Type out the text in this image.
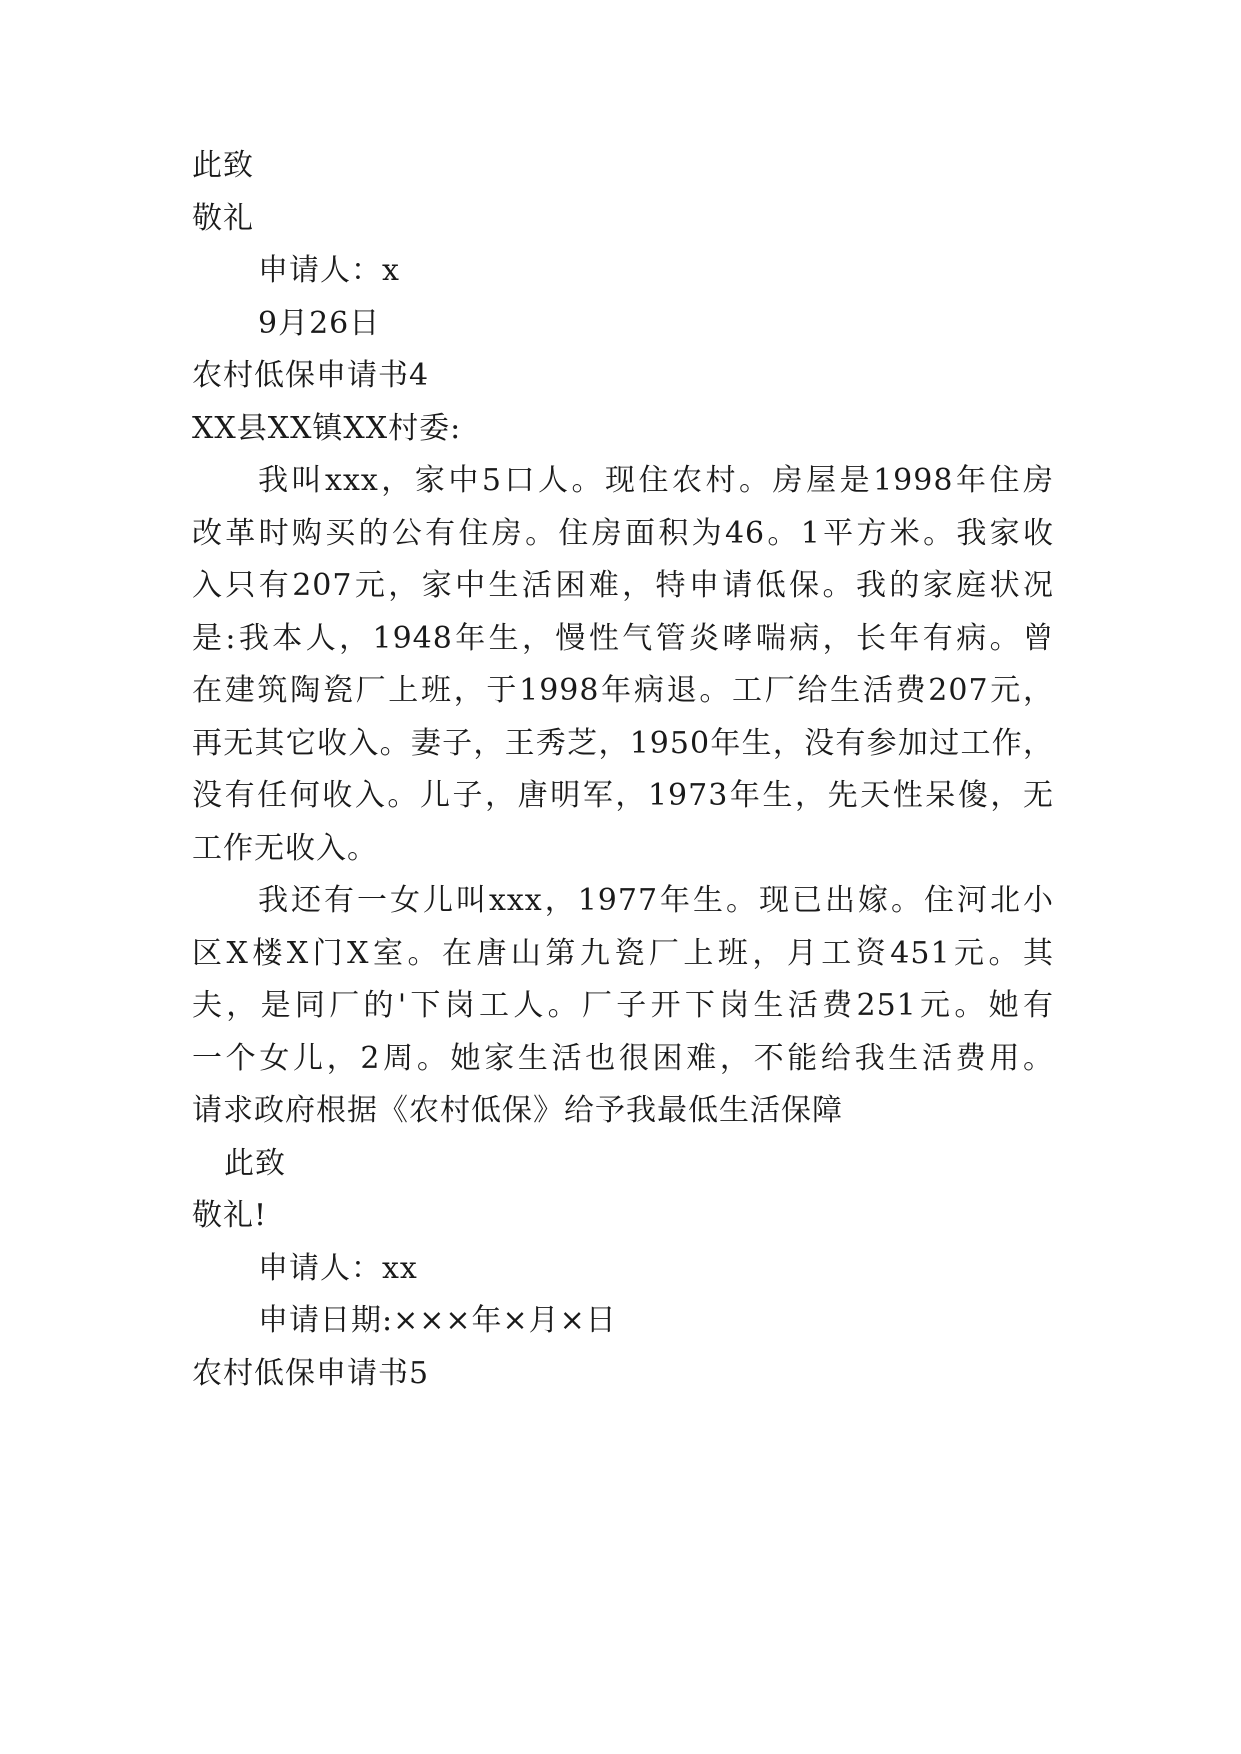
此致
敬礼
申请人：x
9月26日
农村低保申请书4
XX县XX镇XX村委:
我叫xxx，家中5口人。现住农村。房屋是1998年住房
改革时购买的公有住房。住房面积为46。1平方米。我家收
入只有207元，家中生活困难，特申请低保。我的家庭状况
是:我本人，1948年生，慢性气管炎哮喘病，长年有病。曾
在建筑陶瓷厂上班，于1998年病退。工厂给生活费207元，
再无其它收入。妻子，王秀芝，1950年生，没有参加过工作，
没有任何收入。儿子，唐明军，1973年生，先天性呆傻，无
工作无收入。
我还有一女儿叫xxx，1977年生。现已出嫁。住河北小
区X楼X门X室。在唐山第九瓷厂上班，月工资451元。其
夫，是同厂的'下岗工人。厂子开下岗生活费251元。她有
一个女儿，2周。她家生活也很困难，不能给我生活费用。
请求政府根据《农村低保》给予我最低生活保障
此致
敬礼!
申请人：xx
申请日期:×××年×月×日
农村低保申请书5
